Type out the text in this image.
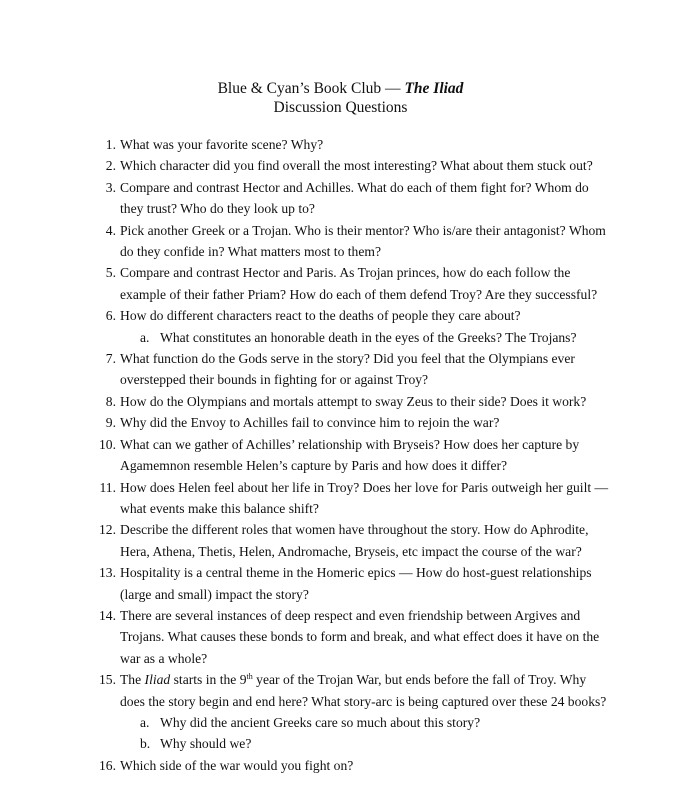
Blue & Cyan’s Book Club — The Iliad
Discussion Questions
1. What was your favorite scene? Why?
2. Which character did you find overall the most interesting? What about them stuck out?
3. Compare and contrast Hector and Achilles. What do each of them fight for? Whom do they trust? Who do they look up to?
4. Pick another Greek or a Trojan. Who is their mentor? Who is/are their antagonist? Whom do they confide in? What matters most to them?
5. Compare and contrast Hector and Paris. As Trojan princes, how do each follow the example of their father Priam? How do each of them defend Troy? Are they successful?
6. How do different characters react to the deaths of people they care about?
a. What constitutes an honorable death in the eyes of the Greeks? The Trojans?
7. What function do the Gods serve in the story? Did you feel that the Olympians ever overstepped their bounds in fighting for or against Troy?
8. How do the Olympians and mortals attempt to sway Zeus to their side? Does it work?
9. Why did the Envoy to Achilles fail to convince him to rejoin the war?
10. What can we gather of Achilles’ relationship with Bryseis? How does her capture by Agamemnon resemble Helen’s capture by Paris and how does it differ?
11. How does Helen feel about her life in Troy? Does her love for Paris outweigh her guilt — what events make this balance shift?
12. Describe the different roles that women have throughout the story. How do Aphrodite, Hera, Athena, Thetis, Helen, Andromache, Bryseis, etc impact the course of the war?
13. Hospitality is a central theme in the Homeric epics — How do host-guest relationships (large and small) impact the story?
14. There are several instances of deep respect and even friendship between Argives and Trojans. What causes these bonds to form and break, and what effect does it have on the war as a whole?
15. The Iliad starts in the 9th year of the Trojan War, but ends before the fall of Troy. Why does the story begin and end here? What story-arc is being captured over these 24 books?
a. Why did the ancient Greeks care so much about this story?
b. Why should we?
16. Which side of the war would you fight on?
